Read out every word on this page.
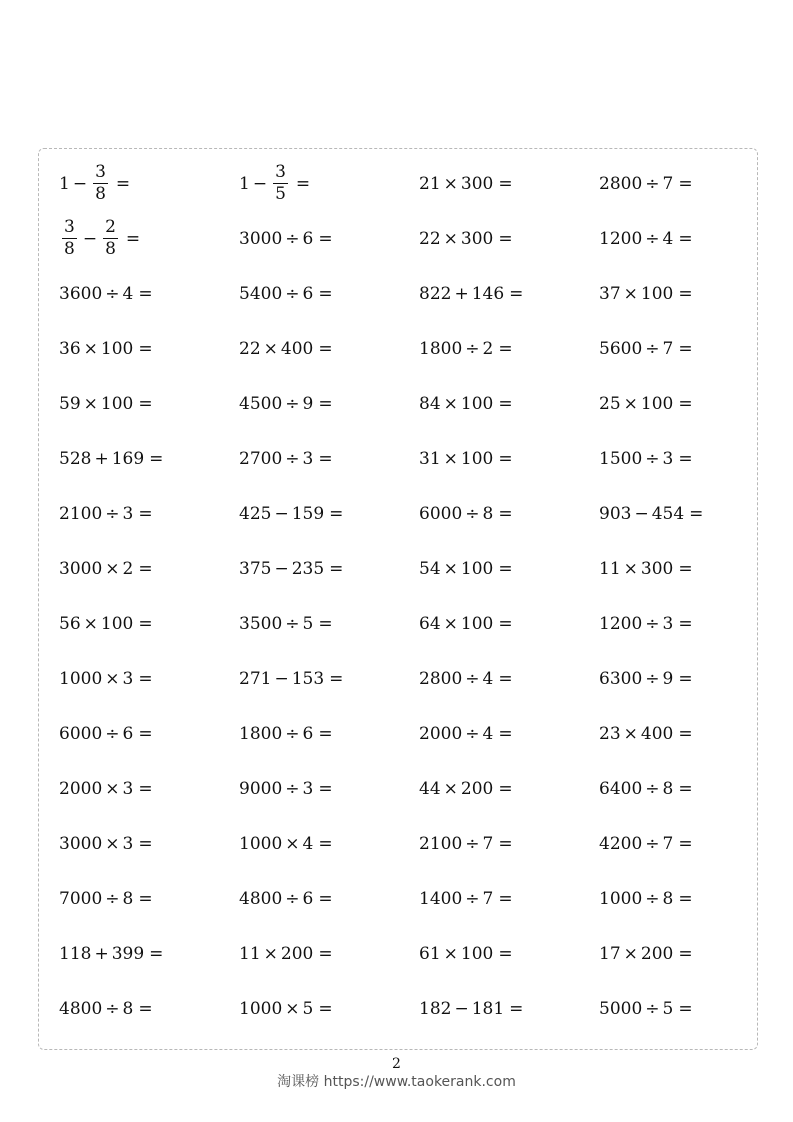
$1 - \frac{3}{8}$ =	$1 - \frac{3}{5}$ =	21 × 300 =	2800 ÷ 7 =
$\frac{3}{8} - \frac{2}{8}$ =	3000 ÷ 6 =	22 × 300 =	1200 ÷ 4 =
3600 ÷ 4 =	5400 ÷ 6 =	822 + 146 =	37 × 100 =
36 × 100 =	22 × 400 =	1800 ÷ 2 =	5600 ÷ 7 =
59 × 100 =	4500 ÷ 9 =	84 × 100 =	25 × 100 =
528 + 169 =	2700 ÷ 3 =	31 × 100 =	1500 ÷ 3 =
2100 ÷ 3 =	425 − 159 =	6000 ÷ 8 =	903 − 454 =
3000 × 2 =	375 − 235 =	54 × 100 =	11 × 300 =
56 × 100 =	3500 ÷ 5 =	64 × 100 =	1200 ÷ 3 =
1000 × 3 =	271 − 153 =	2800 ÷ 4 =	6300 ÷ 9 =
6000 ÷ 6 =	1800 ÷ 6 =	2000 ÷ 4 =	23 × 400 =
2000 × 3 =	9000 ÷ 3 =	44 × 200 =	6400 ÷ 8 =
3000 × 3 =	1000 × 4 =	2100 ÷ 7 =	4200 ÷ 7 =
7000 ÷ 8 =	4800 ÷ 6 =	1400 ÷ 7 =	1000 ÷ 8 =
118 + 399 =	11 × 200 =	61 × 100 =	17 × 200 =
4800 ÷ 8 =	1000 × 5 =	182 − 181 =	5000 ÷ 5 =
2
淘课榜 https://www.taokerank.com
